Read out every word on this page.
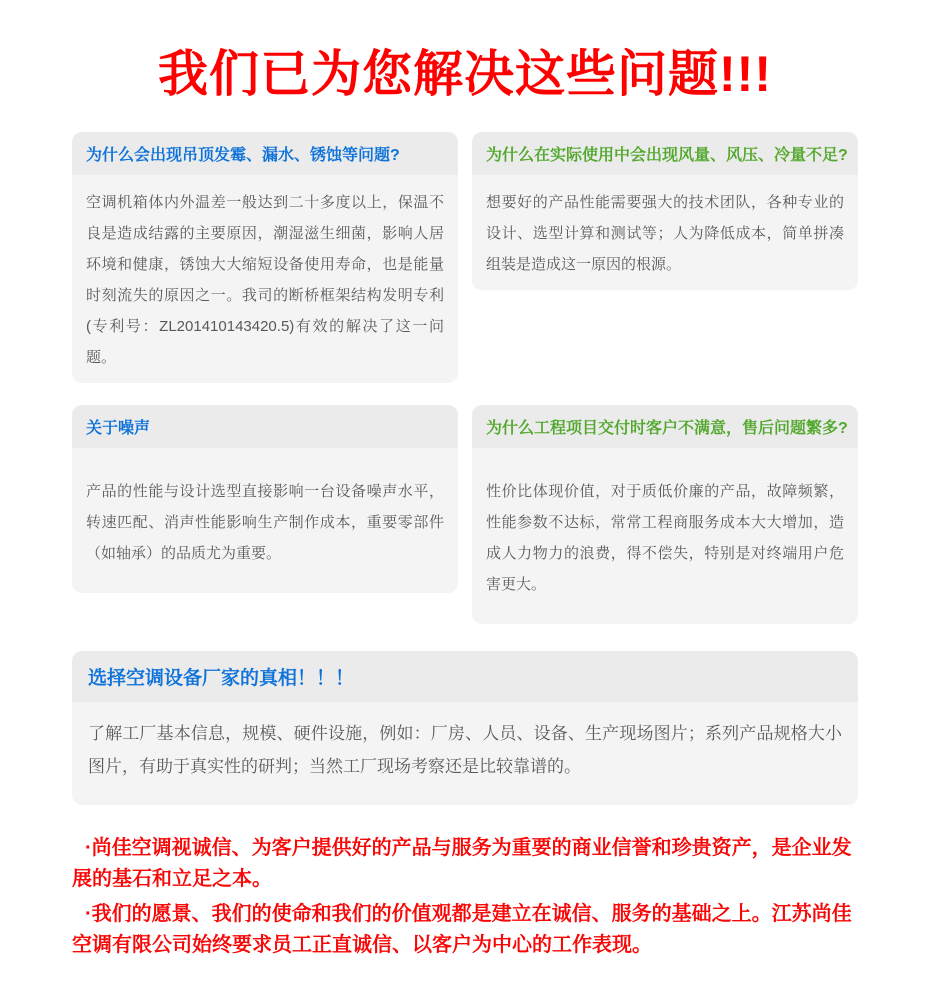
我们已为您解决这些问题!!!
为什么会出现吊顶发霉、漏水、锈蚀等问题?
空调机箱体内外温差一般达到二十多度以上，保温不良是造成结露的主要原因，潮湿滋生细菌，影响人居环境和健康，锈蚀大大缩短设备使用寿命，也是能量时刻流失的原因之一。我司的断桥框架结构发明专利(专利号：ZL201410143420.5)有效的解决了这一问题。
为什么在实际使用中会出现风量、风压、冷量不足?
想要好的产品性能需要强大的技术团队，各种专业的设计、选型计算和测试等；人为降低成本，简单拼凑组装是造成这一原因的根源。
关于噪声
产品的性能与设计选型直接影响一台设备噪声水平，转速匹配、消声性能影响生产制作成本，重要零部件（如轴承）的品质尤为重要。
为什么工程项目交付时客户不满意，售后问题繁多?
性价比体现价值，对于质低价廉的产品，故障频繁，性能参数不达标，常常工程商服务成本大大增加，造成人力物力的浪费，得不偿失，特别是对终端用户危害更大。
选择空调设备厂家的真相！！！
了解工厂基本信息，规模、硬件设施，例如：厂房、人员、设备、生产现场图片；系列产品规格大小图片，有助于真实性的研判；当然工厂现场考察还是比较靠谱的。

·尚佳空调视诚信、为客户提供好的产品与服务为重要的商业信誉和珍贵资产，是企业发展的基石和立足之本。

·我们的愿景、我们的使命和我们的价值观都是建立在诚信、服务的基础之上。江苏尚佳空调有限公司始终要求员工正直诚信、以客户为中心的工作表现。
